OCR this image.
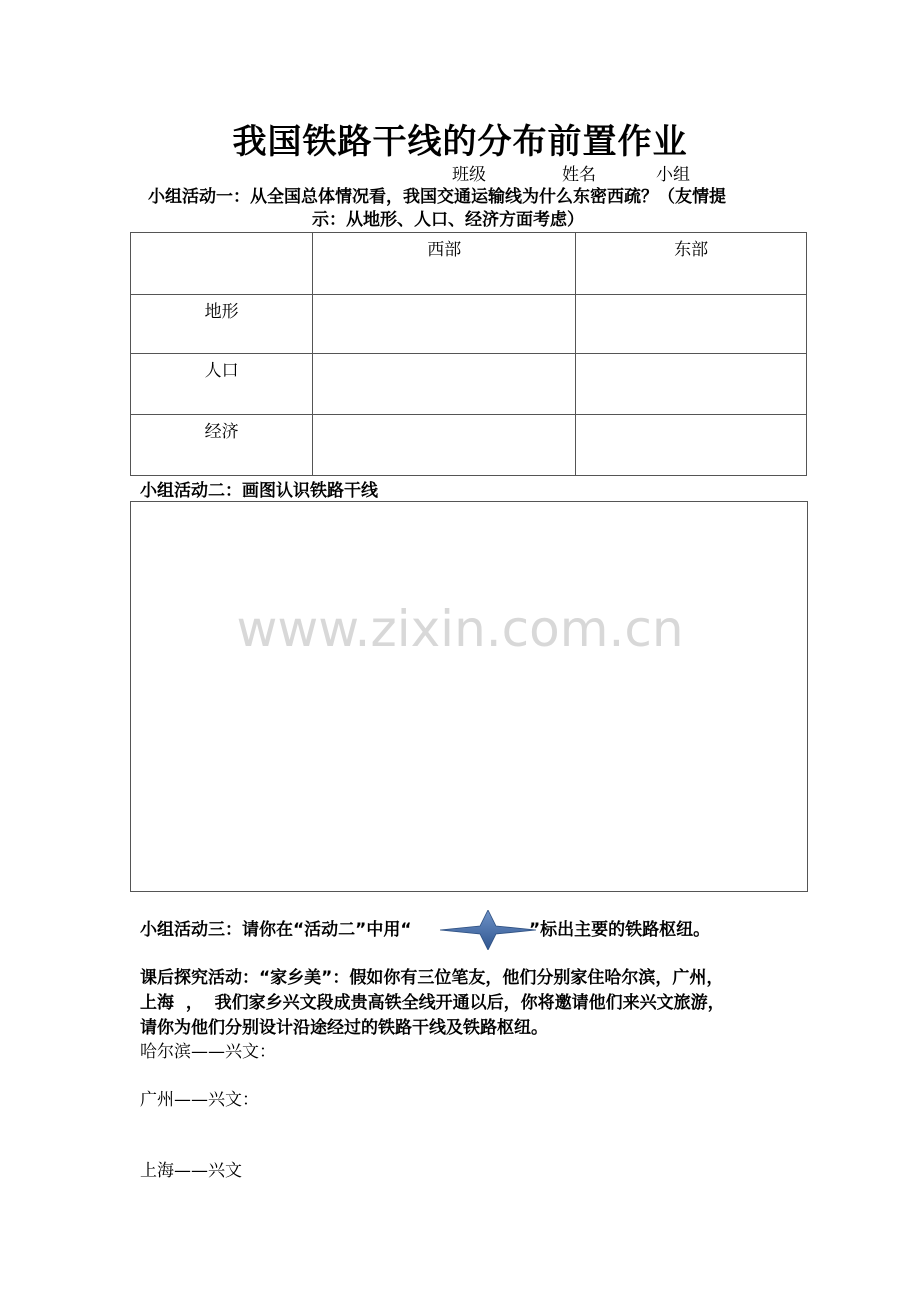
我国铁路干线的分布前置作业
班级	姓名	小组
小组活动一：从全国总体情况看，我国交通运输线为什么东密西疏？（友情提
示：从地形、人口、经济方面考虑）
	西部	东部
地形		
人口		
经济		
小组活动二：画图认识铁路干线
www.zixin.com.cn
小组活动三：请你在“活动二”中用“	”标出主要的铁路枢纽。
课后探究活动：“家乡美”：假如你有三位笔友，他们分别家住哈尔滨，广州，
上海  ，  我们家乡兴文段成贵高铁全线开通以后，你将邀请他们来兴文旅游，
请你为他们分别设计沿途经过的铁路干线及铁路枢纽。
哈尔滨——兴文：
广州——兴文：
上海——兴文
